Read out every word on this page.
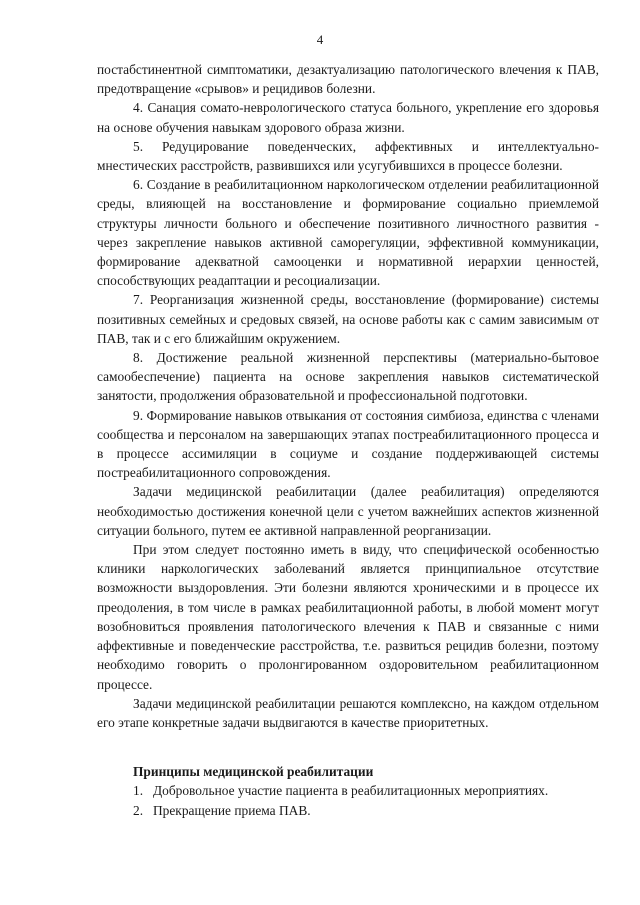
4

постабстинентной симптоматики, дезактуализацию патологического влечения к ПАВ, предотвращение «срывов» и рецидивов болезни.

4. Санация сомато-неврологического статуса больного, укрепление его здоровья на основе обучения навыкам здорового образа жизни.

5. Редуцирование поведенческих, аффективных и интеллектуально-мнестических расстройств, развившихся или усугубившихся в процессе болезни.

6. Создание в реабилитационном наркологическом отделении реабилитационной среды, влияющей на восстановление и формирование социально приемлемой структуры личности больного и обеспечение позитивного личностного развития - через закрепление навыков активной саморегуляции, эффективной коммуникации, формирование адекватной самооценки и нормативной иерархии ценностей, способствующих реадаптации и ресоциализации.

7. Реорганизация жизненной среды, восстановление (формирование) системы позитивных семейных и средовых связей, на основе работы как с самим зависимым от ПАВ, так и с его ближайшим окружением.

8. Достижение реальной жизненной перспективы (материально-бытовое самообеспечение) пациента на основе закрепления навыков систематической занятости, продолжения образовательной и профессиональной подготовки.

9. Формирование навыков отвыкания от состояния симбиоза, единства с членами сообщества и персоналом на завершающих этапах постреабилитационного процесса и в процессе ассимиляции в социуме и создание поддерживающей системы постреабилитационного сопровождения.

Задачи медицинской реабилитации (далее реабилитация) определяются необходимостью достижения конечной цели с учетом важнейших аспектов жизненной ситуации больного, путем ее активной направленной реорганизации.

При этом следует постоянно иметь в виду, что специфической особенностью клиники наркологических заболеваний является принципиальное отсутствие возможности выздоровления. Эти болезни являются хроническими и в процессе их преодоления, в том числе в рамках реабилитационной работы, в любой момент могут возобновиться проявления патологического влечения к ПАВ и связанные с ними аффективные и поведенческие расстройства, т.е. развиться рецидив болезни, поэтому необходимо говорить о пролонгированном оздоровительном реабилитационном процессе.

Задачи медицинской реабилитации решаются комплексно, на каждом отдельном его этапе конкретные задачи выдвигаются в качестве приоритетных.

Принципы медицинской реабилитации
1. Добровольное участие пациента в реабилитационных мероприятиях.
2. Прекращение приема ПАВ.
